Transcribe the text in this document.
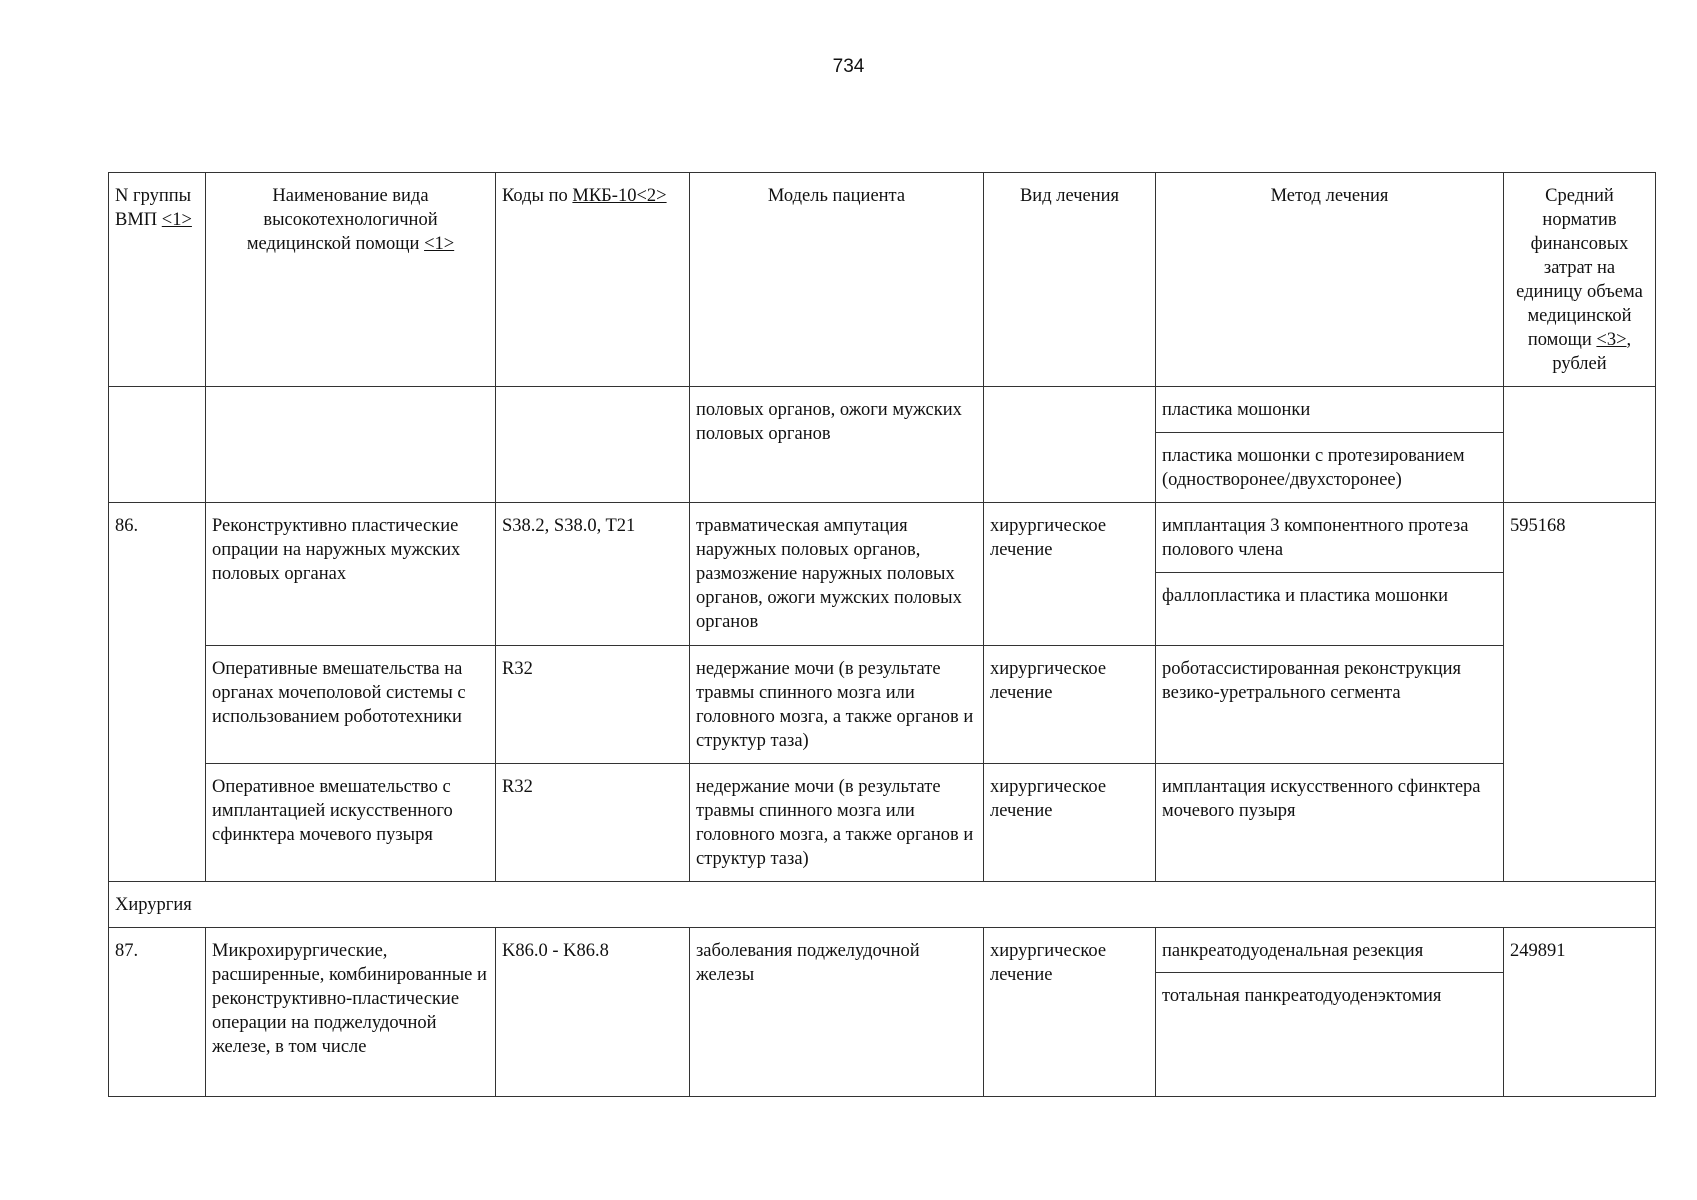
734
N группы ВМП <1>	Наименование вида высокотехнологичной медицинской помощи <1>	Коды по МКБ-10<2>	Модель пациента	Вид лечения	Метод лечения	Средний норматив финансовых затрат на единицу объема медицинской помощи <3>, рублей
			половых органов, ожоги мужских половых органов		пластика мошонки	
					пластика мошонки с протезированием (одностворонее/двухсторонее)	
86.	Реконструктивно пластические опрации на наружных мужских половых органах	S38.2, S38.0, T21	травматическая ампутация наружных половых органов, размозжение наружных половых органов, ожоги мужских половых органов	хирургическое лечение	имплантация 3 компонентного протеза полового члена	595168
					фаллопластика и пластика мошонки	
	Оперативные вмешательства на органах мочеполовой системы с использованием робототехники	R32	недержание мочи (в результате травмы спинного мозга или головного мозга, а также органов и структур таза)	хирургическое лечение	роботассистированная реконструкция везико-уретрального сегмента	
	Оперативное вмешательство с имплантацией искусственного сфинктера мочевого пузыря	R32	недержание мочи (в результате травмы спинного мозга или головного мозга, а также органов и структур таза)	хирургическое лечение	имплантация искусственного сфинктера мочевого пузыря	
Хирургия						
87.	Микрохирургические, расширенные, комбинированные и реконструктивно-пластические операции на поджелудочной железе, в том числе	K86.0 - K86.8	заболевания поджелудочной железы	хирургическое лечение	панкреатодуоденальная резекция	249891
					тотальная панкреатодуоденэктомия	
